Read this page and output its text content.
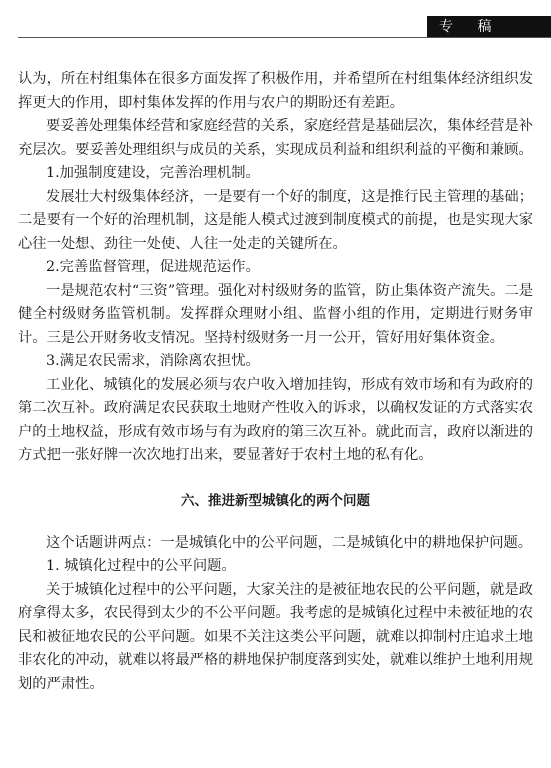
专 稿

认为，所在村组集体在很多方面发挥了积极作用，并希望所在村组集体经济组织发挥更大的作用，即村集体发挥的作用与农户的期盼还有差距。

要妥善处理集体经营和家庭经营的关系，家庭经营是基础层次，集体经营是补充层次。要妥善处理组织与成员的关系，实现成员利益和组织利益的平衡和兼顾。

1.加强制度建设，完善治理机制。

发展壮大村级集体经济，一是要有一个好的制度，这是推行民主管理的基础；二是要有一个好的治理机制，这是能人模式过渡到制度模式的前提，也是实现大家心往一处想、劲往一处使、人往一处走的关键所在。

2.完善监督管理，促进规范运作。

一是规范农村“三资”管理。强化对村级财务的监管，防止集体资产流失。二是健全村级财务监管机制。发挥群众理财小组、监督小组的作用，定期进行财务审计。三是公开财务收支情况。坚持村级财务一月一公开，管好用好集体资金。

3.满足农民需求，消除离农担忧。

工业化、城镇化的发展必须与农户收入增加挂钩，形成有效市场和有为政府的第二次互补。政府满足农民获取土地财产性收入的诉求，以确权发证的方式落实农户的土地权益，形成有效市场与有为政府的第三次互补。就此而言，政府以渐进的方式把一张好牌一次次地打出来，要显著好于农村土地的私有化。

六、推进新型城镇化的两个问题

这个话题讲两点：一是城镇化中的公平问题，二是城镇化中的耕地保护问题。

1. 城镇化过程中的公平问题。

关于城镇化过程中的公平问题，大家关注的是被征地农民的公平问题，就是政府拿得太多，农民得到太少的不公平问题。我考虑的是城镇化过程中未被征地的农民和被征地农民的公平问题。如果不关注这类公平问题，就难以抑制村庄追求土地非农化的冲动，就难以将最严格的耕地保护制度落到实处，就难以维护土地利用规划的严肃性。
